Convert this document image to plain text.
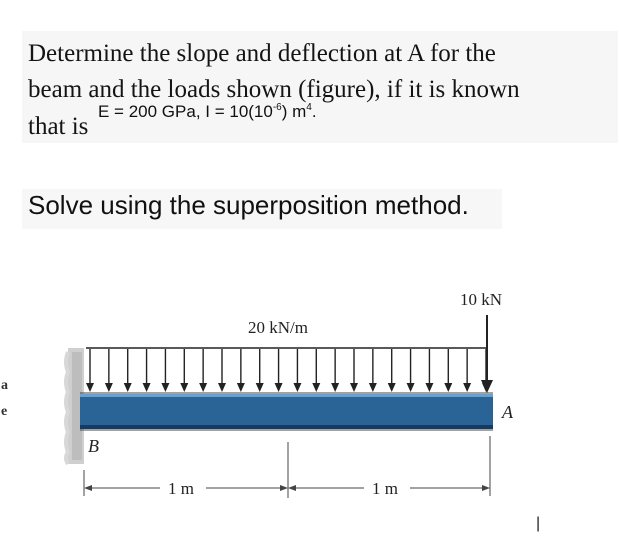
Determine the slope and deflection at A for the
beam and the loads shown (figure), if it is known
that is
E = 200 GPa, $I = 10(10^{-6})$ $m^4$.
Solve using the superposition method.
a
e
20 kN/m
10 kN
B
A
1 m	1 m
|
